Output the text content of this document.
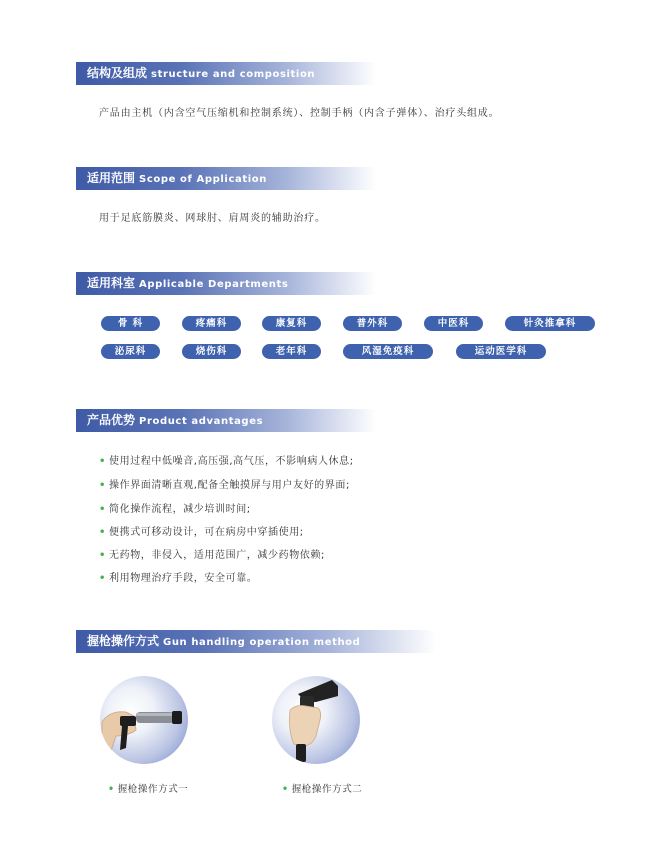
结构及组成 structure and composition
产品由主机（内含空气压缩机和控制系统）、控制手柄（内含子弹体）、治疗头组成。
适用范围 Scope of Application
用于足底筋膜炎、网球肘、肩周炎的辅助治疗。
适用科室 Applicable Departments
骨 科	疼痛科	康复科	普外科	中医科	针灸推拿科
泌尿科	烧伤科	老年科	风湿免疫科	运动医学科
产品优势 Product advantages
• 使用过程中低噪音,高压强,高气压，不影响病人休息;
• 操作界面清晰直观,配备全触摸屏与用户友好的界面;
• 简化操作流程，减少培训时间;
• 便携式可移动设计，可在病房中穿插使用;
• 无药物，非侵入，适用范围广，减少药物依赖;
• 利用物理治疗手段，安全可靠。
握枪操作方式 Gun handling operation method
• 握枪操作方式一	• 握枪操作方式二
